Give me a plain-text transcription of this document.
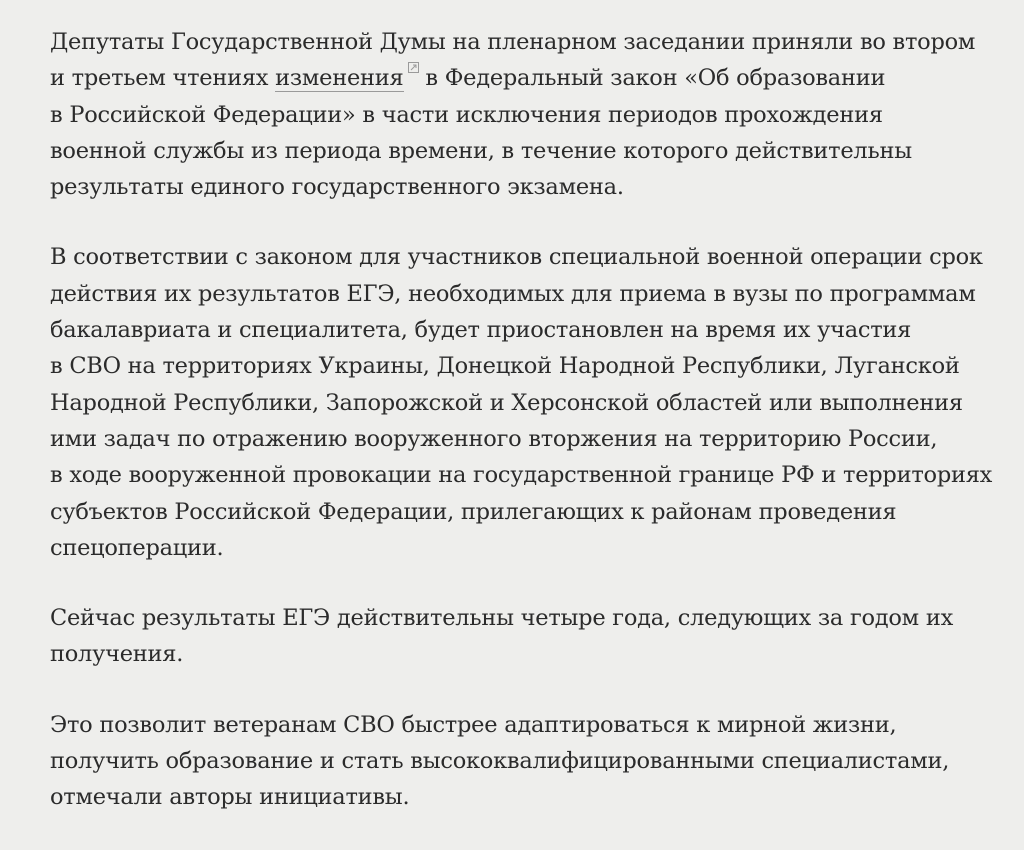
Депутаты Государственной Думы на пленарном заседании приняли во втором
и третьем чтениях изменения в Федеральный закон «Об образовании
в Российской Федерации» в части исключения периодов прохождения
военной службы из периода времени, в течение которого действительны
результаты единого государственного экзамена.

В соответствии с законом для участников специальной военной операции срок
действия их результатов ЕГЭ, необходимых для приема в вузы по программам
бакалавриата и специалитета, будет приостановлен на время их участия
в СВО на территориях Украины, Донецкой Народной Республики, Луганской
Народной Республики, Запорожской и Херсонской областей или выполнения
ими задач по отражению вооруженного вторжения на территорию России,
в ходе вооруженной провокации на государственной границе РФ и территориях
субъектов Российской Федерации, прилегающих к районам проведения
спецоперации.

Сейчас результаты ЕГЭ действительны четыре года, следующих за годом их
получения.

Это позволит ветеранам СВО быстрее адаптироваться к мирной жизни,
получить образование и стать высококвалифицированными специалистами,
отмечали авторы инициативы.
